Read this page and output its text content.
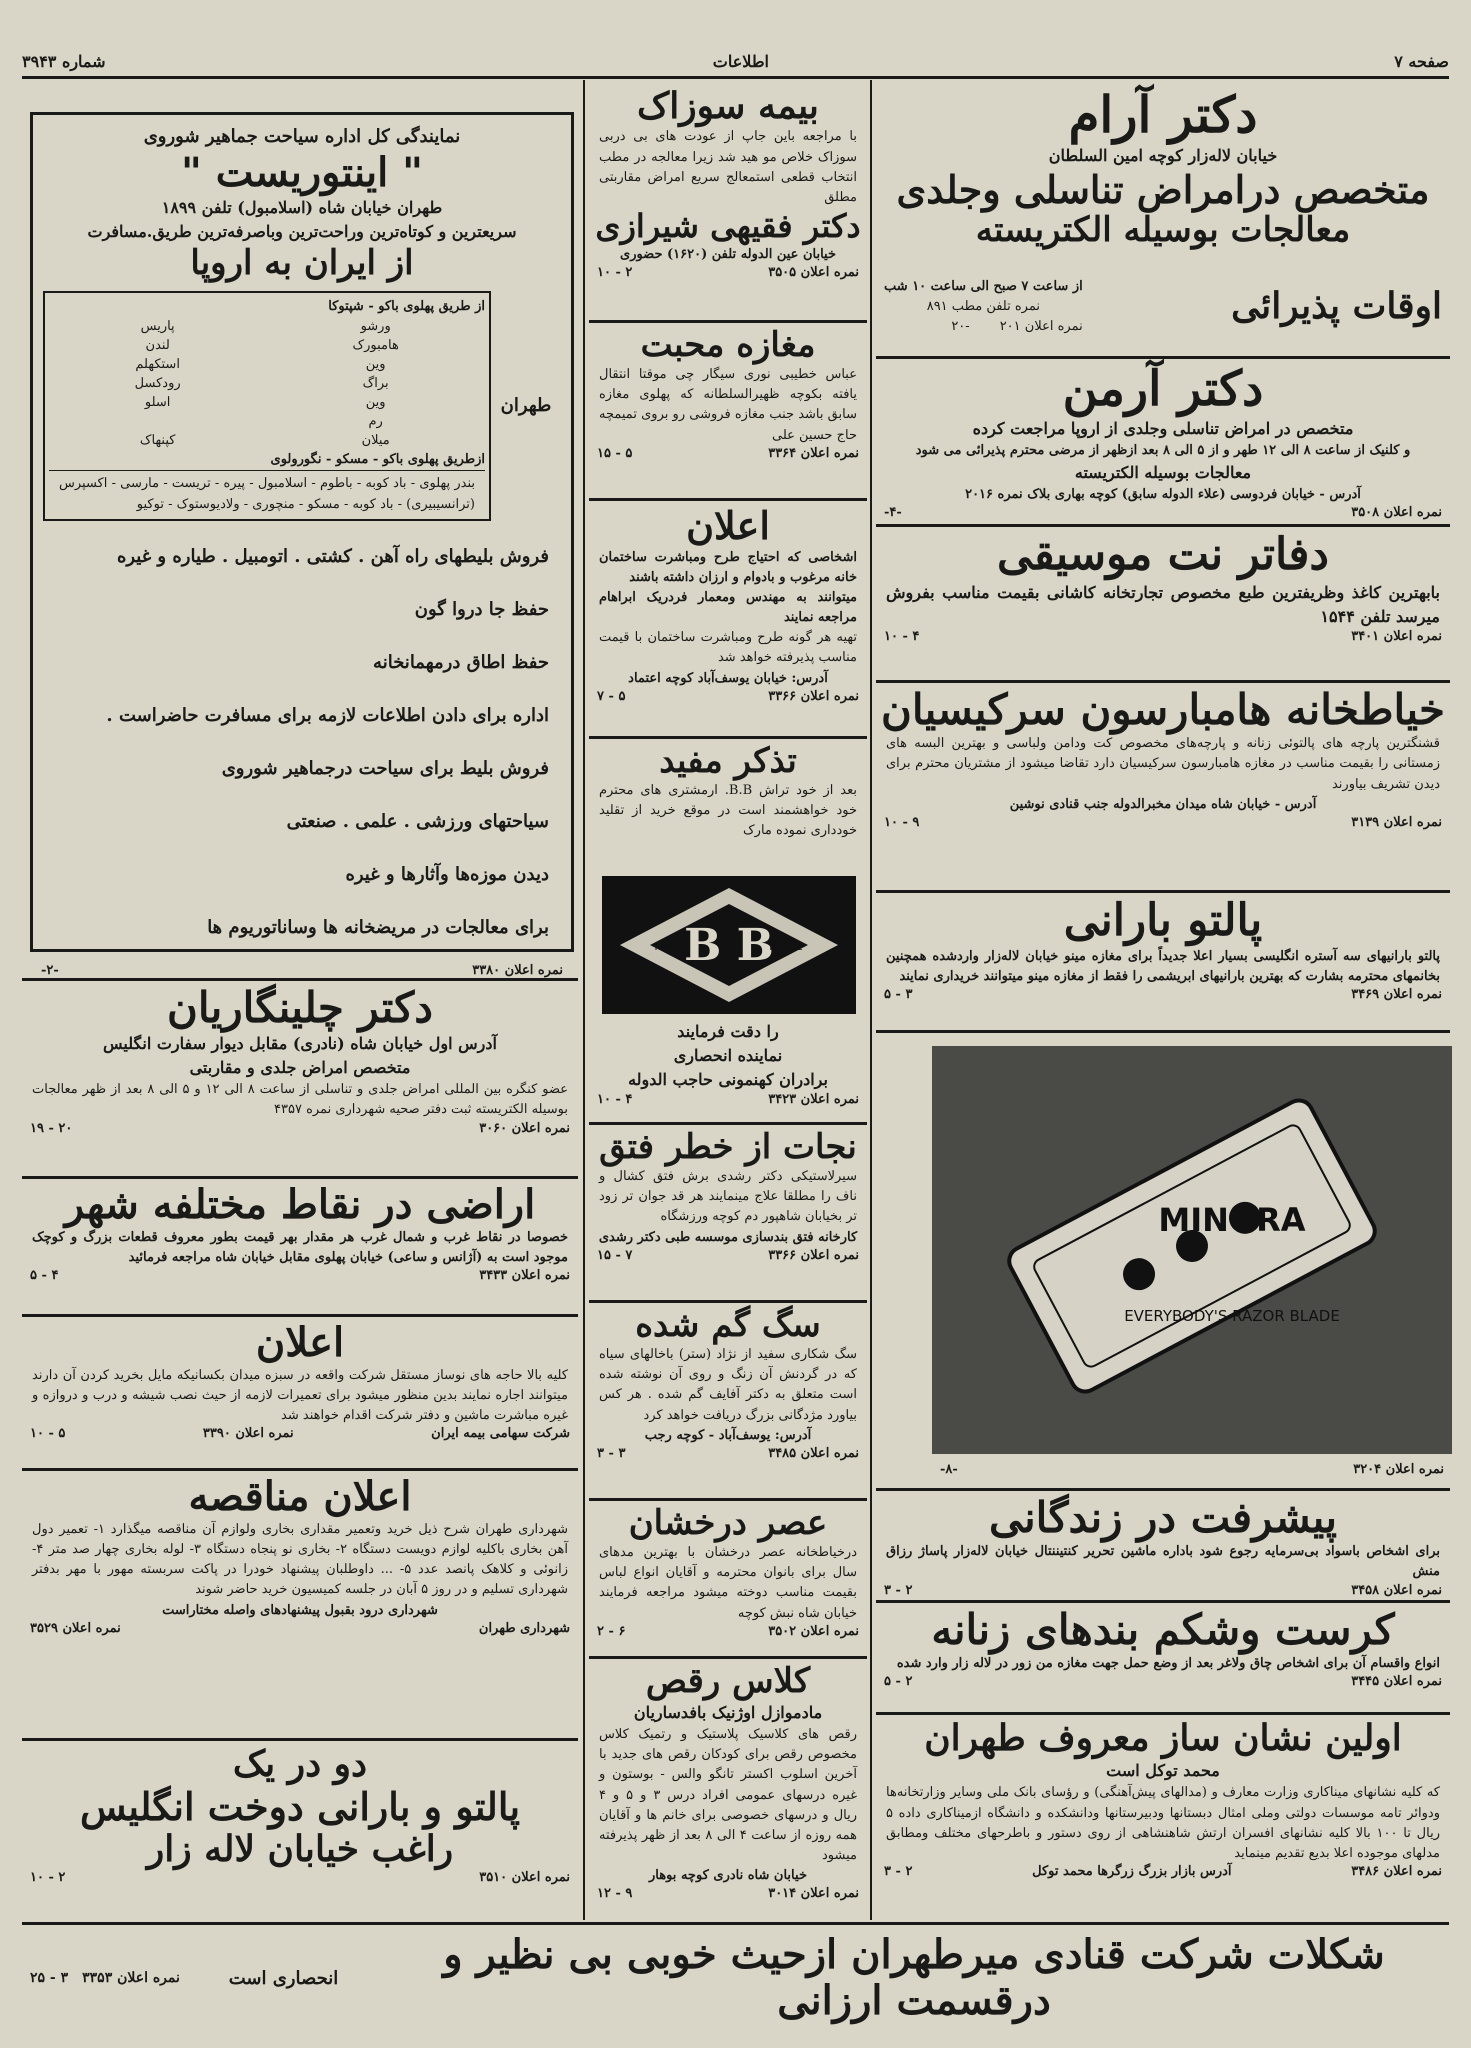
صفحه ۷
اطلاعات
شماره ۳۹۴۳

دکتر آرام

خیابان لاله‌زار کوچه امین السلطان

متخصص درامراض تناسلی وجلدی

معالجات بوسیله الکتریسته

اوقات پذیرائی

از ساعت ۷ صبح الی ساعت ۱۰ شب
نمره تلفن مطب ۸۹۱
نمره اعلان ۲۰۱
-۲۰

دکتر آرمن

متخصص در امراض تناسلی وجلدی از اروپا مراجعت کرده

و کلنیک از ساعت ۸ الی ۱۲ طهر و از ۵ الی ۸ بعد ازظهر از مرضی محترم پذیرائی می شود

معالجات بوسیله الکتریسته

آدرس - خیابان فردوسی (علاء الدوله سابق) کوچه بهاری بلاک نمره ۲۰۱۶

نمره اعلان ۳۵۰۸
-۴-

دفاتر نت موسیقی

بابهترین کاغذ وظریفترین طبع مخصوص تجارتخانه کاشانی بقیمت مناسب بفروش میرسد تلفن ۱۵۴۴

نمره اعلان ۳۴۰۱
۴ - ۱۰

خیاطخانه هامبارسون سرکیسیان

قشنگترین پارچه های پالتوئی زنانه و پارچه‌های مخصوص کت ودامن ولباسی و بهترین البسه های زمستانی را بقیمت مناسب در مغازه هامبارسون سرکیسیان دارد تقاضا میشود از مشتریان محترم برای دیدن تشریف بیاورند

آدرس - خیابان شاه میدان مخبرالدوله جنب قنادی نوشین

نمره اعلان ۳۱۳۹
۹ - ۱۰

پالتو بارانی

پالتو بارانیهای سه آستره انگلیسی بسیار اعلا جدیداً برای مغازه مینو خیابان لاله‌زار واردشده همچنین بخانمهای محترمه بشارت که بهترین بارانیهای ابریشمی را فقط از مغازه مینو میتوانند خریداری نمایند

نمره اعلان ۳۴۶۹
۳ - ۵
MINORA
EVERYBODY'S RAZOR BLADE
نمره اعلان ۳۲۰۴
-۸-

پیشرفت در زندگانی

برای اشخاص باسواد بی‌سرمایه رجوع شود باداره ماشین تحریر کنتیننتال خیابان لاله‌زار پاساژ رزاق منش

نمره اعلان ۳۴۵۸
۲ - ۳

کرست وشکم بندهای زنانه

انواع واقسام آن برای اشخاص چاق ولاغر بعد از وضع حمل جهت مغازه من زور در لاله زار وارد شده

نمره اعلان ۳۴۴۵
۲ - ۵

اولین نشان ساز معروف طهران

محمد توکل است

که کلیه نشانهای میناکاری وزارت معارف و (مدالهای پیش‌آهنگی) و رؤسای بانک ملی وسایر وزارتخانه‌ها ودوائر تامه موسسات دولتی وملی امثال دبستانها ودبیرستانها ودانشکده و دانشگاه ازمیناکاری داده ۵ ریال تا ۱۰۰ بالا کلیه نشانهای افسران ارتش شاهنشاهی از روی دستور و باطرحهای مختلف ومطابق مدلهای موجوده اعلا بدیع تقدیم مینماید

نمره اعلان ۳۴۸۶
آدرس بازار بزرگ زرگرها محمد توکل
۲ - ۳

بیمه سوزاک

با مراجعه باین جاپ از عودت های بی دربی سوزاک خلاص مو هید شد زیرا معالجه در مطب انتخاب قطعی استمعالج سریع امراض مقاربتی مطلق

دکتر فقیهی شیرازی

خیابان عین الدوله تلفن (۱۶۲۰) حضوری

نمره اعلان ۳۵۰۵
۲ - ۱۰

مغازه محبت

عباس خطیبی نوری سیگار چی موقتا انتقال یافته بکوچه ظهیرالسلطانه که پهلوی مغازه سابق باشد جنب مغازه فروشی رو بروی تمیمچه حاج حسین علی

نمره اعلان ۳۳۶۴
۵ - ۱۵

اعلان

اشخاصی که احتیاج طرح ومباشرت ساختمان خانه مرغوب و بادوام و ارزان داشته باشند

میتوانند به مهندس ومعمار فردریک ابراهام مراجعه نمایند

تهیه هر گونه طرح ومباشرت ساختمان با قیمت مناسب پذیرفته خواهد شد

آدرس: خیابان یوسف‌آباد کوچه اعتماد

نمره اعلان ۳۳۶۶
۵ - ۷

تذکر مفید

بعد از خود تراش B.B. ارمشتری های محترم خود خواهشمند است در موقع خرید از تقلید خودداری نموده مارک

B B
FINEST	BLADE

را دقت فرمایند

نماینده انحصاری

برادران کهنمونی حاجب الدوله

نمره اعلان ۳۴۲۳
۴ - ۱۰

نجات از خطر فتق

سیرلاستیکی دکتر رشدی برش فتق کشال و ناف را مطلقا علاج مینمایند هر قد جوان تر زود تر بخیابان شاهپور دم کوچه ورزشگاه

کارخانه فتق بندسازی موسسه طبی دکتر رشدی

نمره اعلان ۳۳۶۶
۷ - ۱۵

سگ گم شده

سگ شکاری سفید از نژاد (ستر) باخالهای سیاه که در گردنش آن زنگ و روی آن نوشته شده است متعلق به دکتر آفایف گم شده . هر کس بیاورد مژدگانی بزرگ دریافت خواهد کرد

آدرس: یوسف‌آباد - کوچه رجب

نمره اعلان ۳۴۸۵
۳ - ۳

عصر درخشان

درخیاطخانه عصر درخشان با بهترین مدهای سال برای بانوان محترمه و آقایان انواع لباس بقیمت مناسب دوخته میشود مراجعه فرمایند خیابان شاه نبش کوچه

نمره اعلان ۳۵۰۲
۶ - ۲

کلاس رقص

مادموازل اوژنیک بافدساریان

رقص های کلاسیک پلاستیک و رتمیک کلاس مخصوص رقص برای کودکان رقص های جدید با آخرین اسلوب اکستر تانگو والس - بوستون و غیره درسهای عمومی افراد درس ۳ و ۵ و ۴ ریال و درسهای خصوصی برای خانم ها و آقایان همه روزه از ساعت ۴ الی ۸ بعد از ظهر پذیرفته میشود

خیابان شاه نادری کوچه بوهار

نمره اعلان ۳۰۱۴
۹ - ۱۲

نمایندگی کل اداره سیاحت جماهیر شوروی

" اینتوریست "

طهران خیابان شاه (اسلامبول) تلفن ۱۸۹۹

سریعترین و کوتاه‌ترین وراحت‌ترین وباصرفه‌ترین طریق.مسافرت

از ایران به اروپا

طهران
از طریق پهلوی باکو - شپتوکا
ورشو	پاریس
هامبورک	لندن
وین	استکهلم
براگ	رودکسل
وین	اسلو
رم	
میلان	کپنهاک
ازطریق پهلوی باکو - مسکو - نگورولوی
بندر پهلوی - باد کوبه - باطوم - اسلامبول - پیره - تریست - مارسی - اکسپرس (ترانسیبیری) - باد کوبه - مسکو - منچوری - ولادیوستوک - توکیو

فروش بلیطهای راه آهن . کشتی . اتومبیل . طیاره و غیره

حفظ جا دروا گون

حفظ اطاق درمهمانخانه

اداره برای دادن اطلاعات لازمه برای مسافرت حاضراست .

فروش بلیط برای سیاحت درجماهیر شوروی

سیاحتهای ورزشی . علمی . صنعتی

دیدن موزه‌ها وآثارها و غیره

برای معالجات در مریضخانه ها وساناتوریوم ها

نمره اعلان ۳۳۸۰
-۲-

دکتر چلینگاریان

آدرس اول خیابان شاه (نادری) مقابل دیوار سفارت انگلیس

متخصص امراض جلدی و مقاربتی

عضو کنگره بین المللی امراض جلدی و تناسلی از ساعت ۸ الی ۱۲ و ۵ الی ۸ بعد از ظهر معالجات بوسیله الکتریسته ثبت دفتر صحیه شهرداری نمره ۴۳۵۷

نمره اعلان ۳۰۶۰
۲۰ - ۱۹

اراضی در نقاط مختلفه شهر

خصوصا در نقاط غرب و شمال غرب هر مقدار بهر قیمت بطور معروف قطعات بزرگ و کوچک موجود است به (آژانس و ساعی) خیابان پهلوی مقابل خیابان شاه مراجعه فرمائید

نمره اعلان ۳۴۳۳
۴ - ۵

اعلان

کلیه بالا حاجه های نوساز مستقل شرکت واقعه در سبزه میدان بکسانیکه مایل بخرید کردن آن دارند میتوانند اجاره نمایند بدین منظور میشود برای تعمیرات لازمه از حیث نصب شیشه و درب و دروازه و غیره مباشرت ماشین و دفتر شرکت اقدام خواهند شد

شرکت سهامی بیمه ایران
نمره اعلان ۳۳۹۰
۵ - ۱۰

اعلان مناقصه

شهرداری طهران شرح ذیل خرید وتعمیر مقداری بخاری ولوازم آن مناقصه میگذارد ۱- تعمیر دول آهن بخاری باکلیه لوازم دویست دستگاه ۲- بخاری نو پنجاه دستگاه ۳- لوله بخاری چهار صد متر ۴- زانوئی و کلاهک پانصد عدد ۵- ... داوطلبان پیشنهاد خودرا در پاکت سربسته مهور با مهر بدفتر شهرداری تسلیم و در روز ۵ آبان در جلسه کمیسیون خرید حاضر شوند

شهرداری درود بقبول پیشنهادهای واصله مختاراست

شهرداری طهران
نمره اعلان ۳۵۲۹

دو در یک

پالتو و بارانی دوخت انگلیس

راغب خیابان لاله زار

نمره اعلان ۳۵۱۰
۲ - ۱۰

شکلات شرکت قنادی میرطهران ازحیث خوبی بی نظیر و درقسمت ارزانی

انحصاری است

نمره اعلان ۳۳۵۳
۳ - ۲۵
